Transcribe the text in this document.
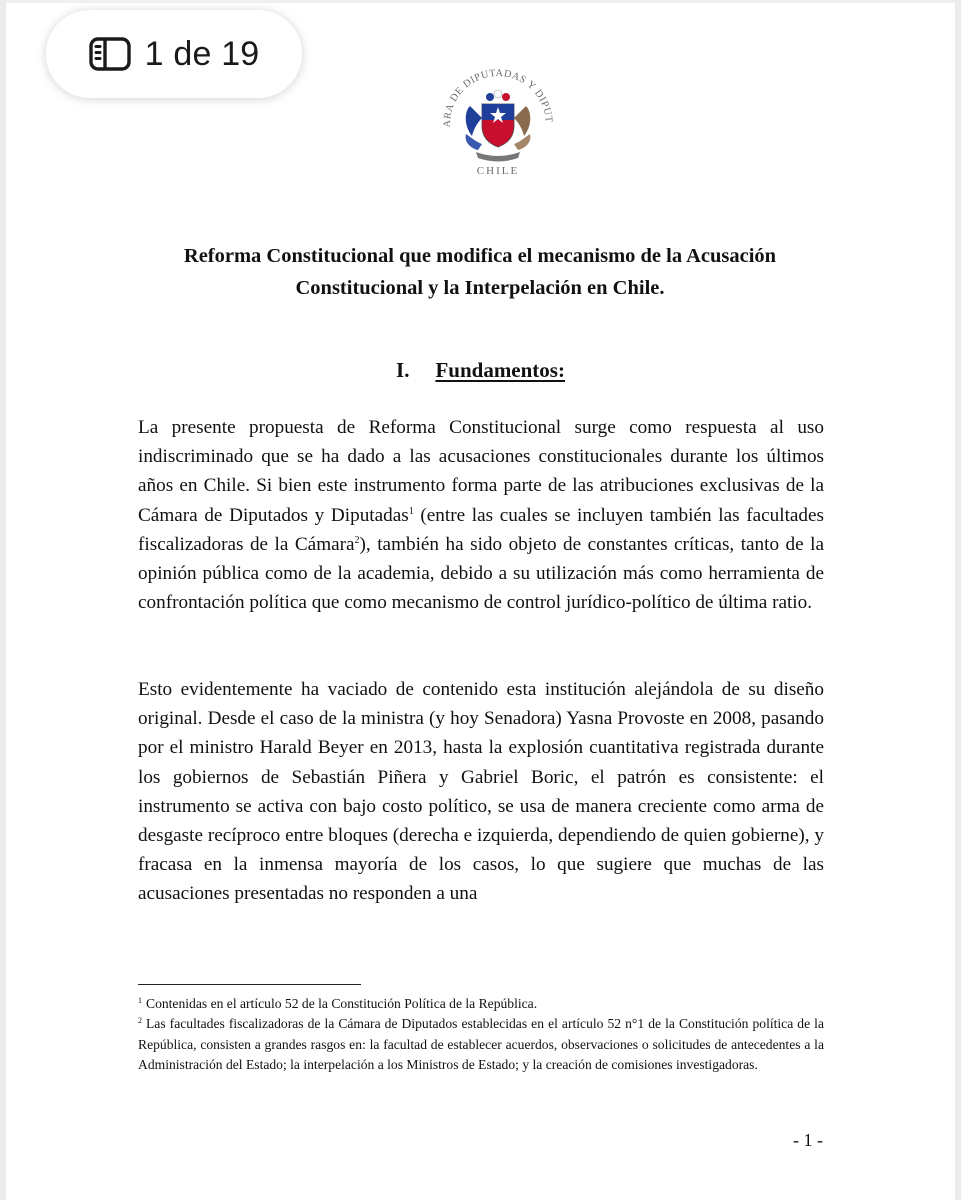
1 de 19
ARA DE DIPUTADAS Y DIPUT
CHILE
Reforma Constitucional que modifica el mecanismo de la Acusación Constitucional y la Interpelación en Chile.
I. Fundamentos:

La presente propuesta de Reforma Constitucional surge como respuesta al uso indiscriminado que se ha dado a las acusaciones constitucionales durante los últimos años en Chile. Si bien este instrumento forma parte de las atribuciones exclusivas de la Cámara de Diputados y Diputadas$^1$ (entre las cuales se incluyen también las facultades fiscalizadoras de la Cámara$^2$), también ha sido objeto de constantes críticas, tanto de la opinión pública como de la academia, debido a su utilización más como herramienta de confrontación política que como mecanismo de control jurídico-político de última ratio.

Esto evidentemente ha vaciado de contenido esta institución alejándola de su diseño original. Desde el caso de la ministra (y hoy Senadora) Yasna Provoste en 2008, pasando por el ministro Harald Beyer en 2013, hasta la explosión cuantitativa registrada durante los gobiernos de Sebastián Piñera y Gabriel Boric, el patrón es consistente: el instrumento se activa con bajo costo político, se usa de manera creciente como arma de desgaste recíproco entre bloques (derecha e izquierda, dependiendo de quien gobierne), y fracasa en la inmensa mayoría de los casos, lo que sugiere que muchas de las acusaciones presentadas no responden a una

$^1$ Contenidas en el artículo 52 de la Constitución Política de la República.

$^2$ Las facultades fiscalizadoras de la Cámara de Diputados establecidas en el artículo 52 n°1 de la Constitución política de la República, consisten a grandes rasgos en: la facultad de establecer acuerdos, observaciones o solicitudes de antecedentes a la Administración del Estado; la interpelación a los Ministros de Estado; y la creación de comisiones investigadoras.

- 1 -
